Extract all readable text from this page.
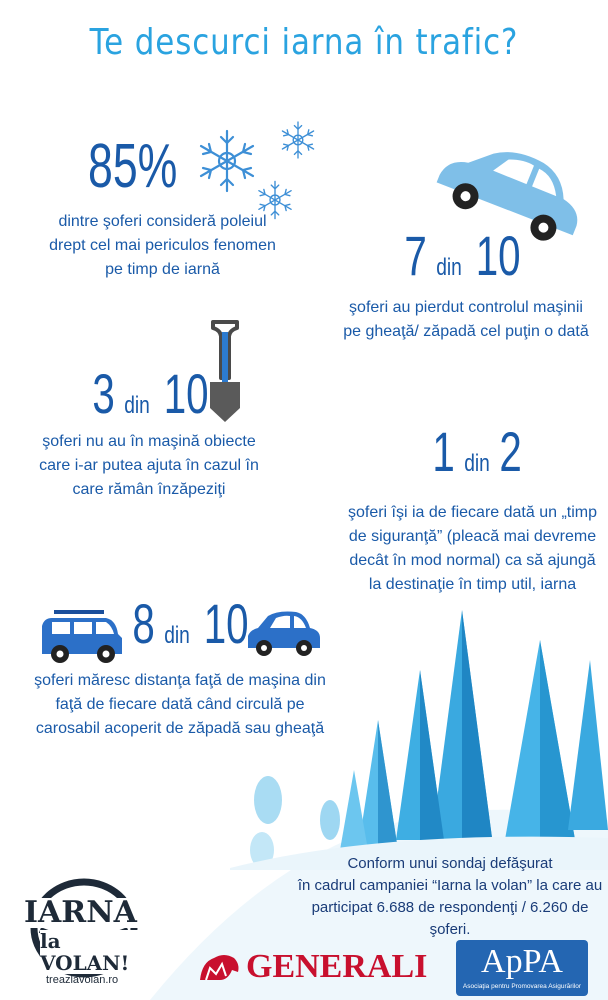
Te descurci iarna în trafic?
85%
dintre şoferi consideră poleiul
drept cel mai periculos fenomen
pe timp de iarnă	7 din 10
şoferi au pierdut controlul maşinii
pe gheaţă/ zăpadă cel puţin o dată
3 din 10
şoferi nu au în maşină obiecte
care i-ar putea ajuta în cazul în
care rămân înzăpeziţi
1 din 2
şoferi îşi ia de fiecare dată un „timp
de siguranţă” (pleacă mai devreme
decât în mod normal) ca să ajungă
la destinaţie în timp util, iarna
8 din 10
şoferi măresc distanţa faţă de maşina din
faţă de fiecare dată când circulă pe
carosabil acoperit de zăpadă sau gheaţă
Conform unui sondaj defăşurat
în cadrul campaniei “Iarna la volan” la care au
participat 6.688 de respondenţi / 6.260 de şoferi.
IARNA
la VOLAN!
treazlavolan.ro	GENERALI	ApPA
Asociaţia pentru Promovarea Asigurărilor
